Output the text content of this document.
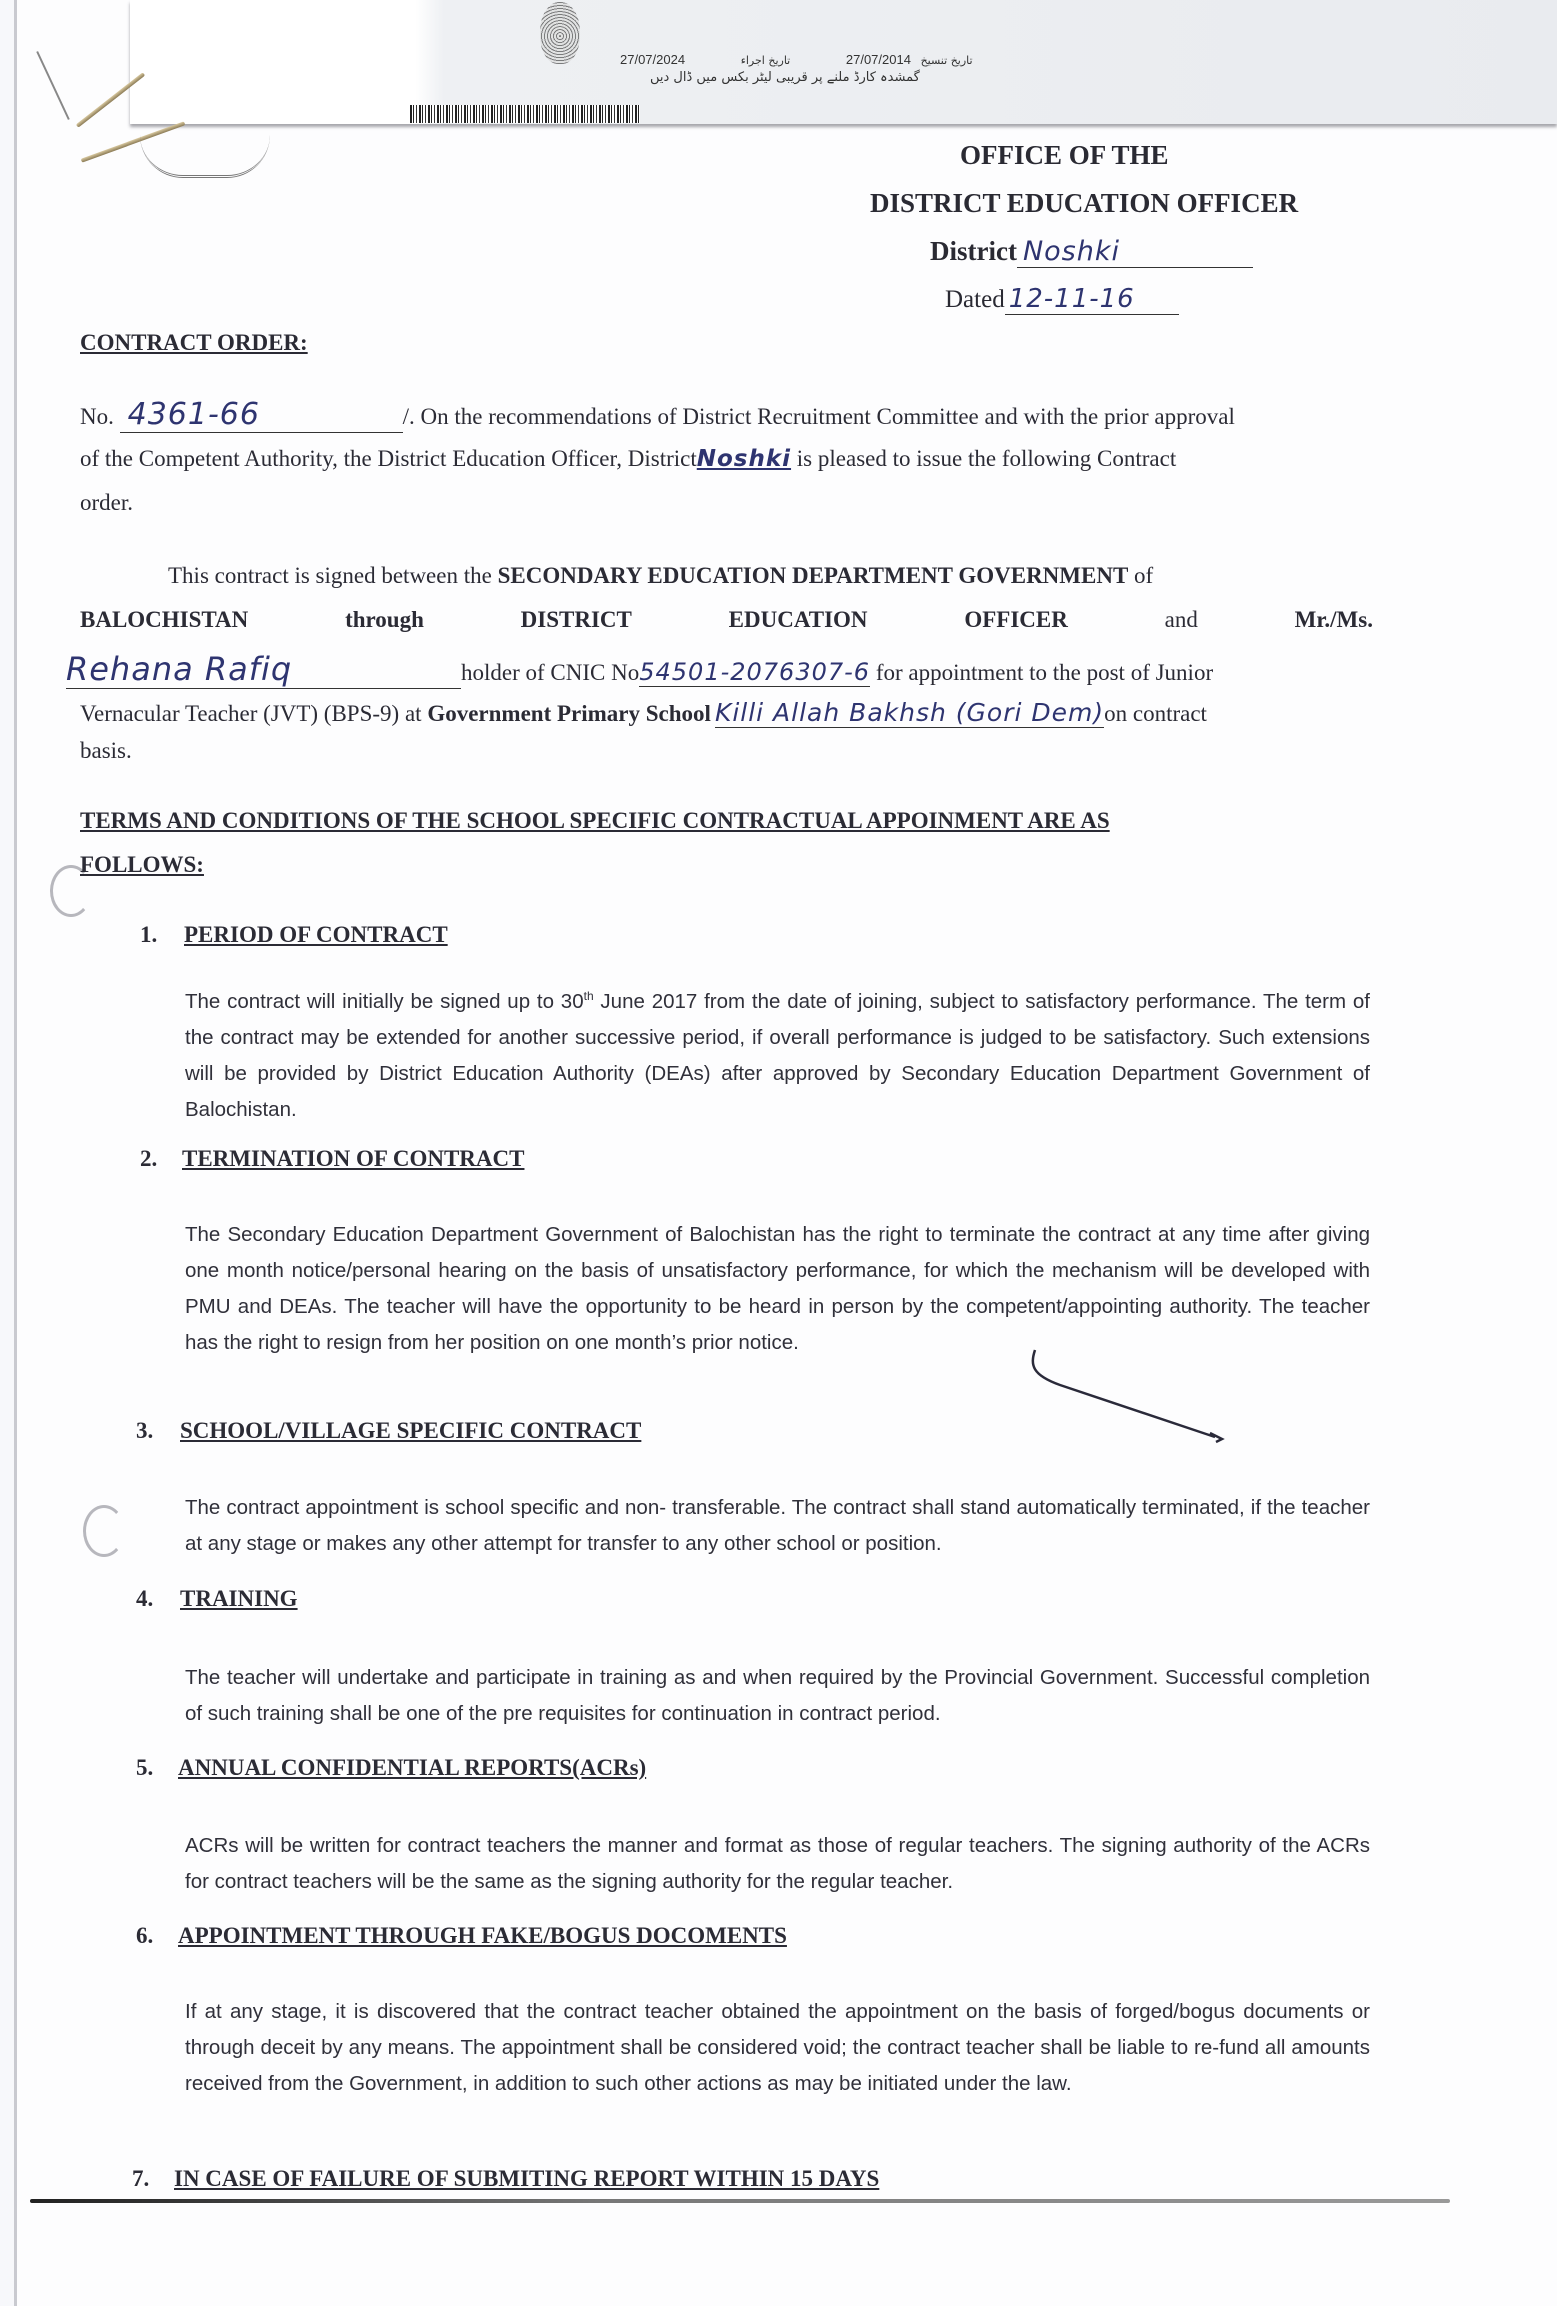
27/07/2024	تاریخ تنسیخ 27/07/2014 تاریخ اجراء
گمشدہ کارڈ ملنے پر قریبی لیٹر بکس میں ڈال دیں
OFFICE OF THE
DISTRICT EDUCATION OFFICER
District Noshki
Dated 12-11-16
CONTRACT ORDER:
No. 4361-66	/. On the recommendations of District Recruitment Committee and with the prior approval
of the Competent Authority, the District Education Officer, DistrictNoshki is pleased to issue the following Contract
order.
This contract is signed between the SECONDARY EDUCATION DEPARTMENT GOVERNMENT of
BALOCHISTAN	through	DISTRICT	EDUCATION	OFFICER	and	Mr./Ms.
Rehana Rafiq	holder of CNIC No54501-2076307-6 for appointment to the post of Junior
Vernacular Teacher (JVT) (BPS-9) at Government Primary School Killi Allah Bakhsh (Gori Dem)on contract
basis.
TERMS AND CONDITIONS OF THE SCHOOL SPECIFIC CONTRACTUAL APPOINMENT ARE AS
FOLLOWS:
1. PERIOD OF CONTRACT
The contract will initially be signed up to 30th June 2017 from the date of joining, subject to satisfactory performance. The term of the contract may be extended for another successive period, if overall performance is judged to be satisfactory. Such extensions will be provided by District Education Authority (DEAs) after approved by Secondary Education Department Government of Balochistan.
2. TERMINATION OF CONTRACT
The Secondary Education Department Government of Balochistan has the right to terminate the contract at any time after giving one month notice/personal hearing on the basis of unsatisfactory performance, for which the mechanism will be developed with PMU and DEAs. The teacher will have the opportunity to be heard in person by the competent/appointing authority. The teacher has the right to resign from her position on one month’s prior notice.
3. SCHOOL/VILLAGE SPECIFIC CONTRACT
The contract appointment is school specific and non- transferable. The contract shall stand automatically terminated, if the teacher at any stage or makes any other attempt for transfer to any other school or position.
4. TRAINING
The teacher will undertake and participate in training as and when required by the Provincial Government. Successful completion of such training shall be one of the pre requisites for continuation in contract period.
5. ANNUAL CONFIDENTIAL REPORTS(ACRs)
ACRs will be written for contract teachers the manner and format as those of regular teachers. The signing authority of the ACRs for contract teachers will be the same as the signing authority for the regular teacher.
6. APPOINTMENT THROUGH FAKE/BOGUS DOCOMENTS
If at any stage, it is discovered that the contract teacher obtained the appointment on the basis of forged/bogus documents or through deceit by any means. The appointment shall be considered void; the contract teacher shall be liable to re-fund all amounts received from the Government, in addition to such other actions as may be initiated under the law.
7. IN CASE OF FAILURE OF SUBMITING REPORT WITHIN 15 DAYS
